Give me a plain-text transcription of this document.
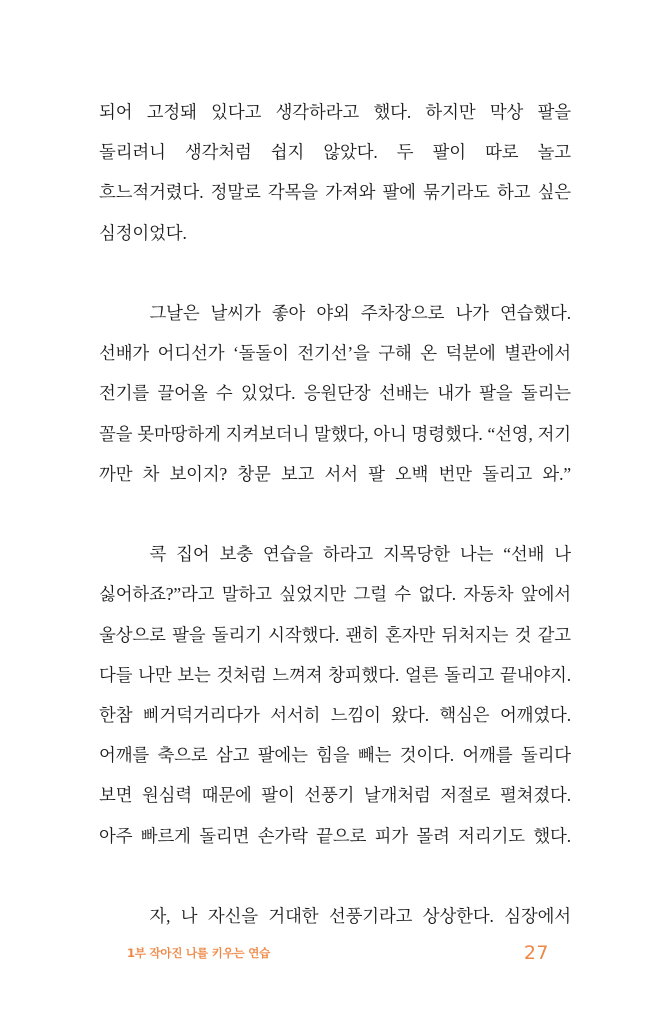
되어 고정돼 있다고 생각하라고 했다. 하지만 막상 팔을 돌리려니 생각처럼 쉽지 않았다. 두 팔이 따로 놀고 흐느적거렸다. 정말로 각목을 가져와 팔에 묶기라도 하고 싶은 심정이었다.

그날은 날씨가 좋아 야외 주차장으로 나가 연습했다. 선배가 어디선가 ‘돌돌이 전기선’을 구해 온 덕분에 별관에서 전기를 끌어올 수 있었다. 응원단장 선배는 내가 팔을 돌리는 꼴을 못마땅하게 지켜보더니 말했다, 아니 명령했다. “선영, 저기 까만 차 보이지? 창문 보고 서서 팔 오백 번만 돌리고 와.”

콕 집어 보충 연습을 하라고 지목당한 나는 “선배 나 싫어하죠?”라고 말하고 싶었지만 그럴 수 없다. 자동차 앞에서 울상으로 팔을 돌리기 시작했다. 괜히 혼자만 뒤처지는 것 같고 다들 나만 보는 것처럼 느껴져 창피했다. 얼른 돌리고 끝내야지. 한참 삐거덕거리다가 서서히 느낌이 왔다. 핵심은 어깨였다. 어깨를 축으로 삼고 팔에는 힘을 빼는 것이다. 어깨를 돌리다 보면 원심력 때문에 팔이 선풍기 날개처럼 저절로 펼쳐졌다. 아주 빠르게 돌리면 손가락 끝으로 피가 몰려 저리기도 했다.

자, 나 자신을 거대한 선풍기라고 상상한다. 심장에서

1부 작아진 나를 키우는 연습	27
